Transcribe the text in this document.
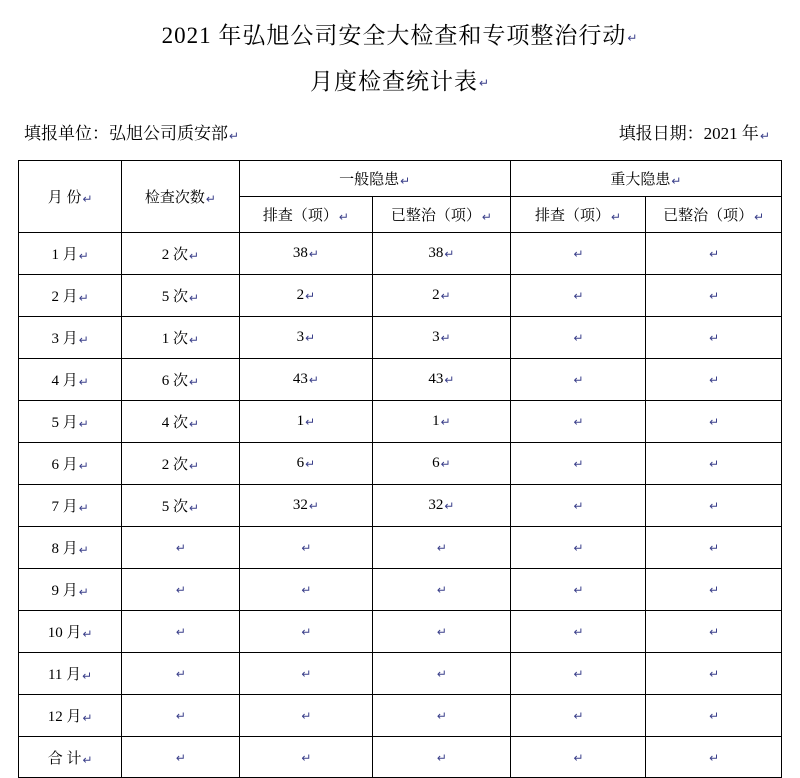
2021 年弘旭公司安全大检查和专项整治行动↵
月度检查统计表↵
填报单位：弘旭公司质安部↵	填报日期：2021 年↵
月 份↵	检查次数↵	一般隐患↵		重大隐患↵	
		排查（项）↵	已整治（项）↵	排查（项）↵	已整治（项）↵
1 月↵	2 次↵	38↵	38↵	↵	↵
2 月↵	5 次↵	2↵	2↵	↵	↵
3 月↵	1 次↵	3↵	3↵	↵	↵
4 月↵	6 次↵	43↵	43↵	↵	↵
5 月↵	4 次↵	1↵	1↵	↵	↵
6 月↵	2 次↵	6↵	6↵	↵	↵
7 月↵	5 次↵	32↵	32↵	↵	↵
8 月↵	↵	↵	↵	↵	↵
9 月↵	↵	↵	↵	↵	↵
10 月↵	↵	↵	↵	↵	↵
11 月↵	↵	↵	↵	↵	↵
12 月↵	↵	↵	↵	↵	↵
合 计↵	↵	↵	↵	↵	↵
